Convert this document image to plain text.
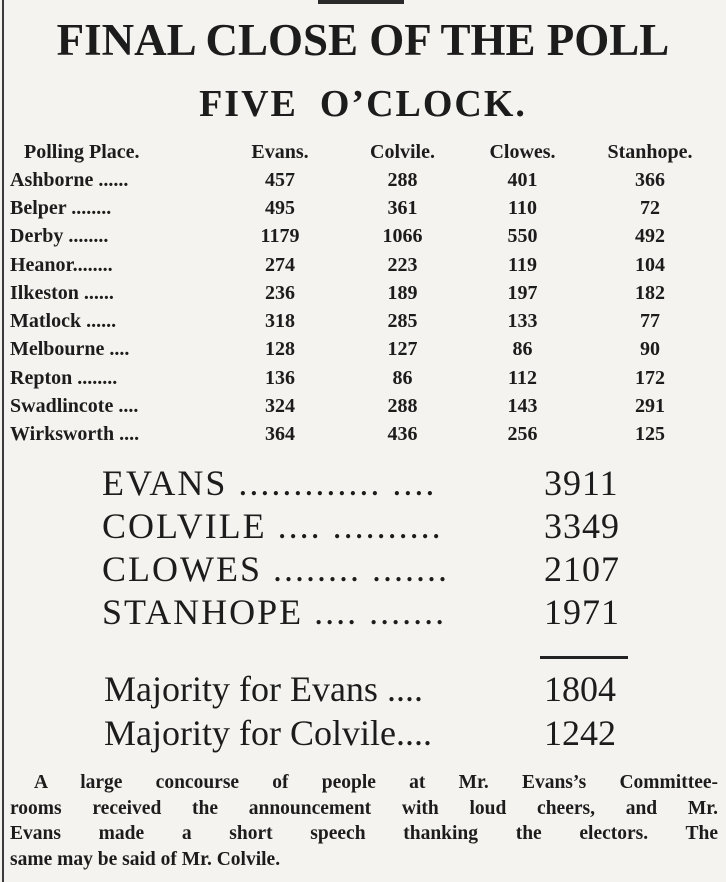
FINAL CLOSE OF THE POLL
FIVE O’CLOCK.
Polling Place.	Evans.	Colvile.	Clowes.	Stanhope.
Ashborne ......	457	288	401	366
Belper ........	495	361	110	72
Derby ........	1179	1066	550	492
Heanor........	274	223	119	104
Ilkeston ......	236	189	197	182
Matlock ......	318	285	133	77
Melbourne ....	128	127	86	90
Repton ........	136	86	112	172
Swadlincote ....	324	288	143	291
Wirksworth ....	364	436	256	125
EVANS ............. ....	3911
COLVILE .... ..........	3349
CLOWES ........ .......	2107
STANHOPE .... .......	1971
Majority for Evans ....	1804
Majority for Colvile....	1242
A large concourse of people at Mr. Evans’s Committee-
rooms received the announcement with loud cheers, and Mr.
Evans made a short speech thanking the electors. The
same may be said of Mr. Colvile.
